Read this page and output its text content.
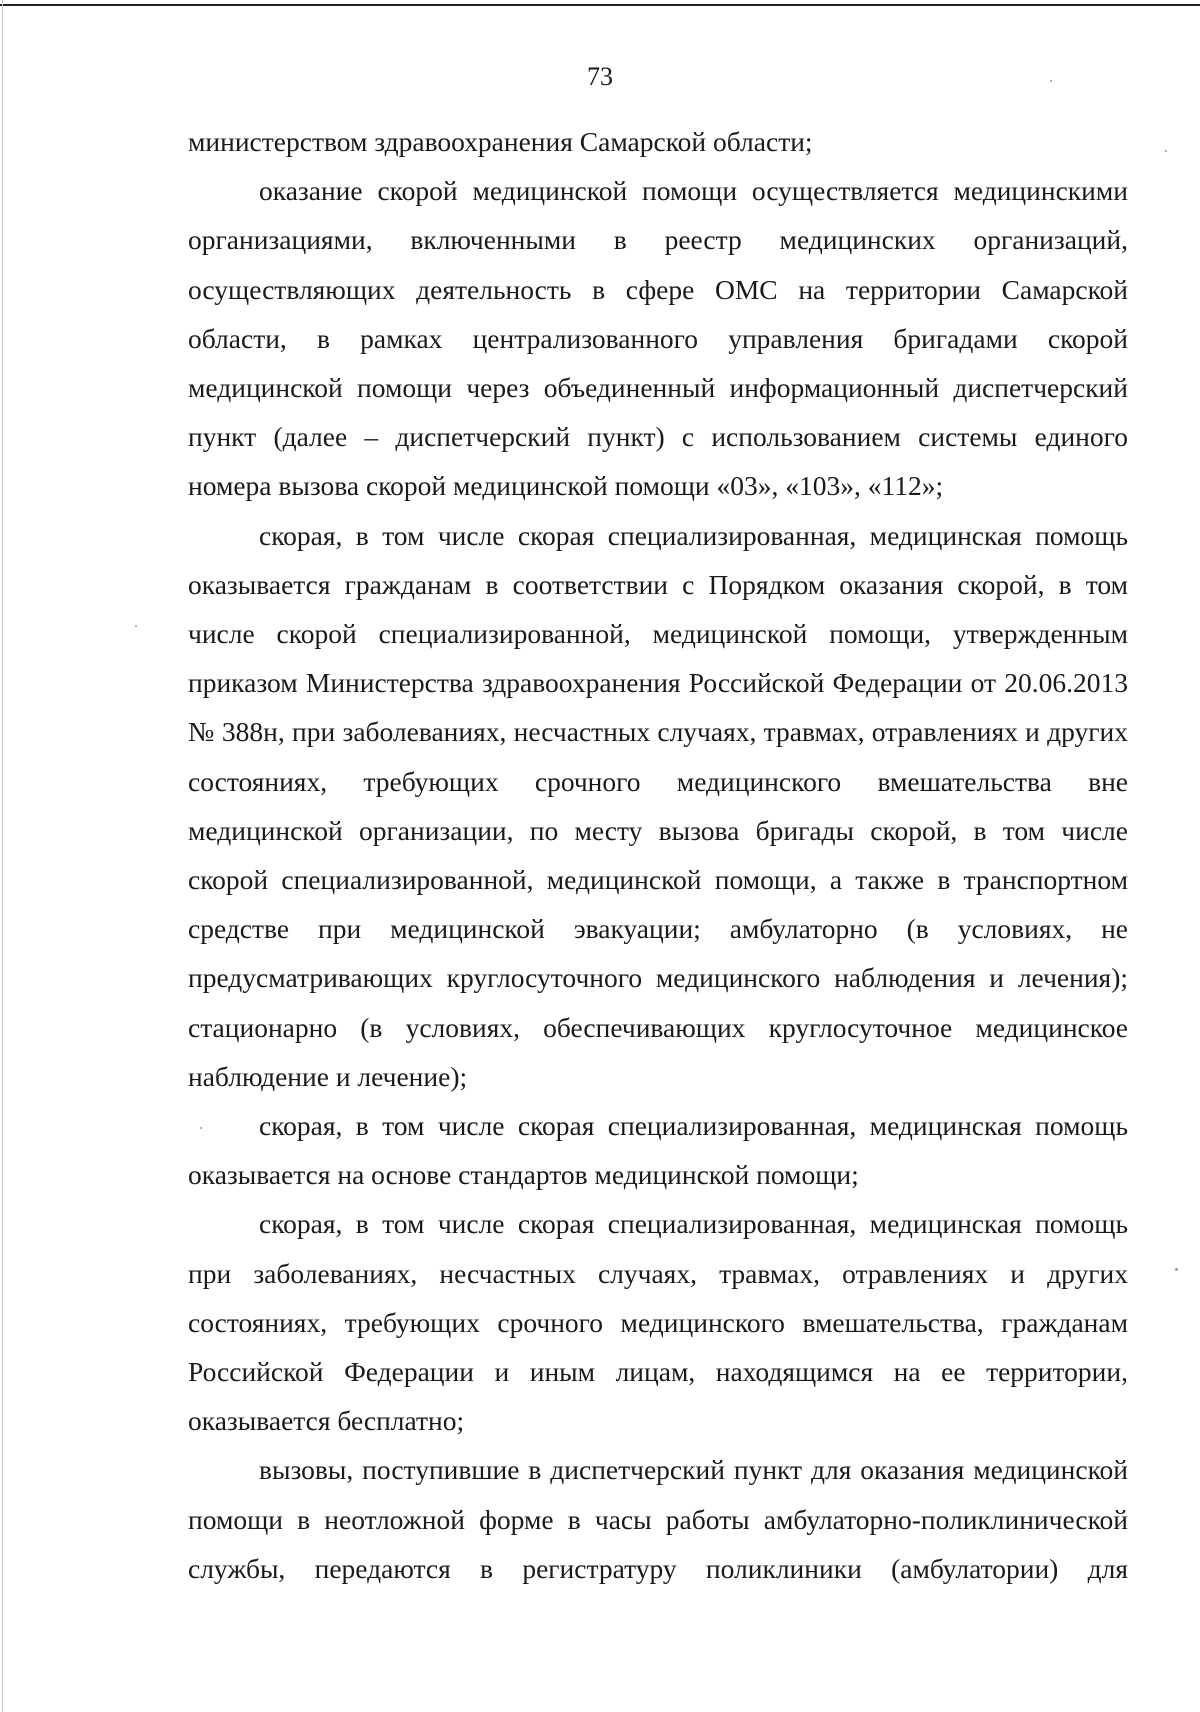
73

министерством здравоохранения Самарской области;

оказание скорой медицинской помощи осуществляется медицинскими организациями, включенными в реестр медицинских организаций, осуществляющих деятельность в сфере ОМС на территории Самарской области, в рамках централизованного управления бригадами скорой медицинской помощи через объединенный информационный диспетчерский пункт (далее – диспетчерский пункт) с использованием системы единого номера вызова скорой медицинской помощи «03», «103», «112»;

скорая, в том числе скорая специализированная, медицинская помощь оказывается гражданам в соответствии с Порядком оказания скорой, в том числе скорой специализированной, медицинской помощи, утвержденным приказом Министерства здравоохранения Российской Федерации от 20.06.2013 № 388н, при заболеваниях, несчастных случаях, травмах, отравлениях и других состояниях, требующих срочного медицинского вмешательства вне медицинской организации, по месту вызова бригады скорой, в том числе скорой специализированной, медицинской помощи, а также в транспортном средстве при медицинской эвакуации; амбулаторно (в условиях, не предусматривающих круглосуточного медицинского наблюдения и лечения); стационарно (в условиях, обеспечивающих круглосуточное медицинское наблюдение и лечение);

скорая, в том числе скорая специализированная, медицинская помощь оказывается на основе стандартов медицинской помощи;

скорая, в том числе скорая специализированная, медицинская помощь при заболеваниях, несчастных случаях, травмах, отравлениях и других состояниях, требующих срочного медицинского вмешательства, гражданам Российской Федерации и иным лицам, находящимся на ее территории, оказывается бесплатно;

вызовы, поступившие в диспетчерский пункт для оказания медицинской помощи в неотложной форме в часы работы амбулаторно-поликлинической службы, передаются в регистратуру поликлиники (амбулатории) для
